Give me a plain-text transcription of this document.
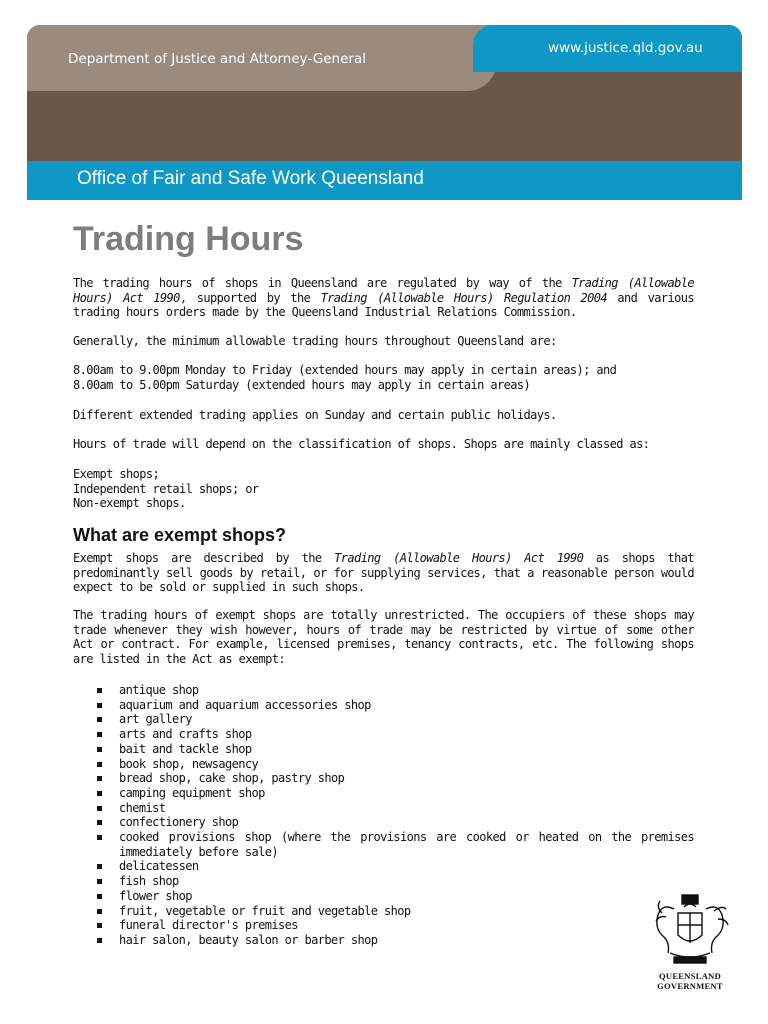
Department of Justice and Attorney-General
www.justice.qld.gov.au
Office of Fair and Safe Work Queensland
Trading Hours
The trading hours of shops in Queensland are regulated by way of the Trading (Allowable Hours) Act 1990, supported by the Trading (Allowable Hours) Regulation 2004 and various trading hours orders made by the Queensland Industrial Relations Commission.
Generally, the minimum allowable trading hours throughout Queensland are:

8.00am to 9.00pm Monday to Friday (extended hours may apply in certain areas); and

8.00am to 5.00pm Saturday (extended hours may apply in certain areas)

Different extended trading applies on Sunday and certain public holidays.
Hours of trade will depend on the classification of shops. Shops are mainly classed as:

Exempt shops;

Independent retail shops; or

Non-exempt shops.

What are exempt shops?
Exempt shops are described by the Trading (Allowable Hours) Act 1990 as shops that predominantly sell goods by retail, or for supplying services, that a reasonable person would expect to be sold or supplied in such shops.
The trading hours of exempt shops are totally unrestricted. The occupiers of these shops may trade whenever they wish however, hours of trade may be restricted by virtue of some other Act or contract. For example, licensed premises, tenancy contracts, etc. The following shops are listed in the Act as exempt:
antique shop
aquarium and aquarium accessories shop
art gallery
arts and crafts shop
bait and tackle shop
book shop, newsagency
bread shop, cake shop, pastry shop
camping equipment shop
chemist
confectionery shop
cooked provisions shop (where the provisions are cooked or heated on the premises immediately before sale)
delicatessen
fish shop
flower shop
fruit, vegetable or fruit and vegetable shop
funeral director's premises
hair salon, beauty salon or barber shop
QUEENSLAND
GOVERNMENT
